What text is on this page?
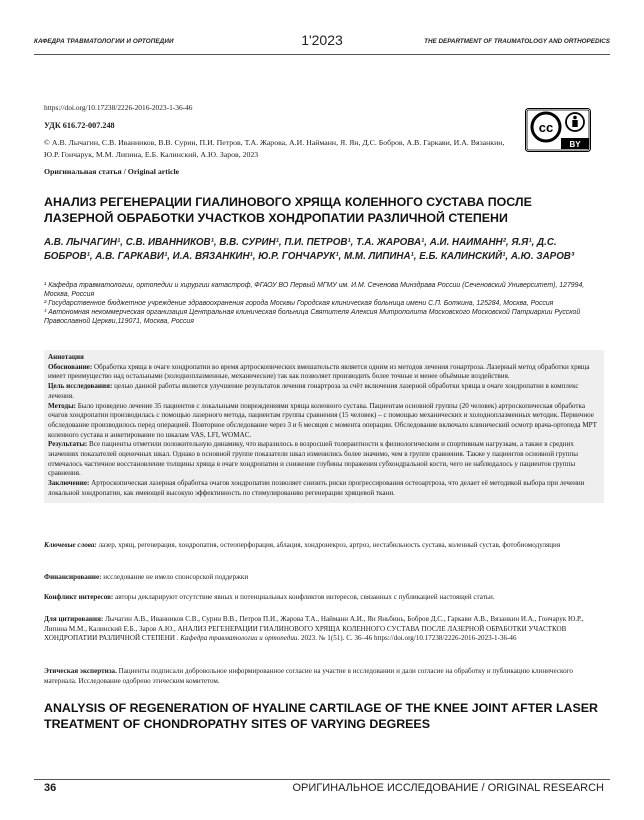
КАФЕДРА ТРАВМАТОЛОГИИ И ОРТОПЕДИИ	1'2023	THE DEPARTMENT OF TRAUMATOLOGY AND ORTHOPEDICS
https://doi.org/10.17238/2226-2016-2023-1-36-46
УДК 616.72-007.248
© А.В. Лычагин, С.В. Иванников, В.В. Сурин, П.И. Петров, Т.А. Жарова, А.И. Найманн, Я. Ян, Д.С. Бобров, А.В. Гаркави, И.А. Вязанкин, Ю.Р. Гончарук, М.М. Липина, Е.Б. Калинский, А.Ю. Заров, 2023
Оригинальная статья / Original article
cc
BY
АНАЛИЗ РЕГЕНЕРАЦИИ ГИАЛИНОВОГО ХРЯЩА КОЛЕННОГО СУСТАВА ПОСЛЕ ЛАЗЕРНОЙ ОБРАБОТКИ УЧАСТКОВ ХОНДРОПАТИИ РАЗЛИЧНОЙ СТЕПЕНИ
А.В. ЛЫЧАГИН¹, С.В. ИВАННИКОВ¹, В.В. СУРИН¹, П.И. ПЕТРОВ¹, Т.А. ЖАРОВА¹, А.И. НАИМАНН², Я.Я¹, Д.С. БОБРОВ¹, А.В. ГАРКАВИ¹, И.А. ВЯЗАНКИН¹, Ю.Р. ГОНЧАРУК¹, М.М. ЛИПИНА¹, Е.Б. КАЛИНСКИЙ¹, А.Ю. ЗАРОВ³

¹ Кафедра травматологии, ортопедии и хирургии катастроф, ФГАОУ ВО Первый МГМУ им. И.М. Сеченова Минздрава России (Сеченовский Университет), 127994, Москва, Россия

² Государственное бюджетное учреждение здравоохранения города Москвы Городская клиническая больница имени С.П. Боткина, 125284, Москва, Россия

³ Автономная некоммерческая организация Центральная клиническая больница Святителя Алексия Митрополита Московского Московской Патриархии Русской Православной Церкви,119071, Москва, Россия

Аннотация

Обоснование: Обработка хряща в очаге хондропатии во время артроскопических вмешательств является одним из методов лечения гонартроза. Лазерный метод обработки хряща имеет преимущество над остальными (холодноплазменные, механические) так как позволяет производить более точные и менее объёмные воздействия.

Цель исследования: целью данной работы является улучшение результатов лечения гонартроза за счёт включения лазерной обработки хряща в очаге хондропатии в комплекс лечения.

Методы: Было проведено лечение 35 пациентов с локальными повреждениями хряща коленного сустава. Пациентам основной группы (20 человек) артроскопическая обработка очагов хондропатии производилась с помощью лазерного метода, пациентам группы сравнения (15 человек) – с помощью механических и холодноплазменных методик. Первичное обследование производилось перед операцией. Повторное обследование через 3 и 6 месяцев с момента операции. Обследование включало клинический осмотр врача-ортопеда МРТ коленного сустава и анкетирование по шкалам VAS, LFI, WOMAC.

Результаты: Все пациенты отметили положительную динамику, что выразилось в возросшей толерантности к физиологическим и спортивным нагрузкам, а также в средних значениях показателей оценочных шкал. Однако в основной группе показатели шкал изменились более значимо, чем в группе сравнения. Также у пациентов основной группы отмечалось частичное восстановление толщины хряща в очаге хондропатии и снижение глубины поражения субхондральной кости, чего не наблюдалось у пациентов группы сравнения.

Заключение: Артроскопическая лазерная обработка очагов хондропатии позволяет снизить риски прогрессирования остеоартроза, что делает её методикой выбора при лечении локальной хондропатии, как имеющей высокую эффективность по стимулированию регенерации хрящевой ткани.

Ключевые слова: лазер, хрящ, регенерация, хондропатия, остеоперфорация, аблация, хондронекроз, артроз, нестабильность сустава, коленный сустав, фотобиомодуляция

Финансирование: исследование не имело спонсорской поддержки

Конфликт интересов: авторы декларируют отсутствие явных и потенциальных конфликтов интересов, связанных с публикацией настоящей статьи.

Для цитирования: Лычагин А.В., Иванников С.В., Сурин В.В., Петров П.И., Жарова Т.А., Найманн А.И., Ян Яньбинь, Бобров Д.С., Гаркави А.В., Вязанкин И.А., Гончарук Ю.Р., Липина М.М., Калинский Е.Б., Заров А.Ю., АНАЛИЗ РЕГЕНЕРАЦИИ ГИАЛИНОВОГО ХРЯЩА КОЛЕННОГО СУСТАВА ПОСЛЕ ЛАЗЕРНОЙ ОБРАБОТКИ УЧАСТКОВ ХОНДРОПАТИИ РАЗЛИЧНОЙ СТЕПЕНИ . Кафедра травматологии и ортопедии. 2023. № 1(51). С. 36–46 https://doi.org/10.17238/2226-2016-2023-1-36-46

Этическая экспертиза. Пациенты подписали добровольное информированное согласие на участие в исследовании и дали согласие на обработку и публикацию клинического материала. Исследование одобрено этическим комитетом.

ANALYSIS OF REGENERATION OF HYALINE CARTILAGE OF THE KNEE JOINT AFTER LASER TREATMENT OF CHONDROPATHY SITES OF VARYING DEGREES
36	ОРИГИНАЛЬНОЕ ИССЛЕДОВАНИЕ / ORIGINAL RESEARCH
